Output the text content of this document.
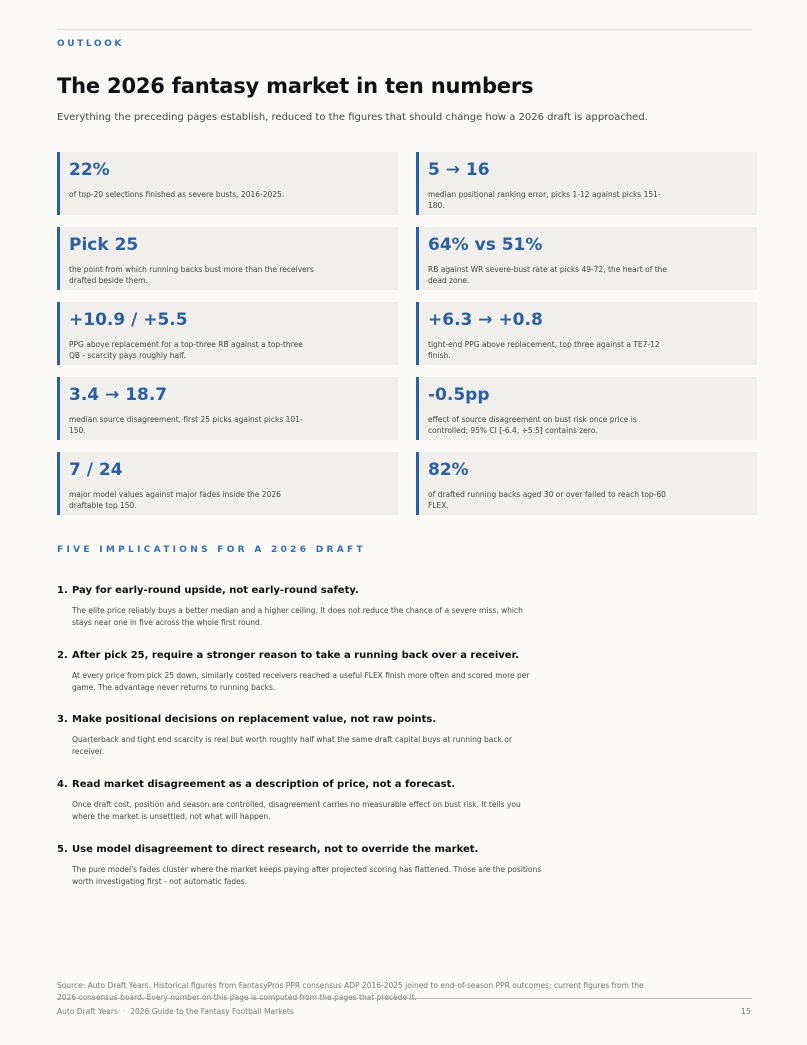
OUTLOOK
The 2026 fantasy market in ten numbers
Everything the preceding pages establish, reduced to the figures that should change how a 2026 draft is approached.
22%
of top-20 selections finished as severe busts, 2016-2025.
5 → 16
median positional ranking error, picks 1-12 against picks 151-180.
Pick 25
the point from which running backs bust more than the receivers drafted beside them.
64% vs 51%
RB against WR severe-bust rate at picks 49-72, the heart of the dead zone.
+10.9 / +5.5
PPG above replacement for a top-three RB against a top-three QB - scarcity pays roughly half.
+6.3 → +0.8
tight-end PPG above replacement, top three against a TE7-12 finish.
3.4 → 18.7
median source disagreement, first 25 picks against picks 101-150.
-0.5pp
effect of source disagreement on bust risk once price is controlled; 95% CI [-6.4, +5.5] contains zero.
7 / 24
major model values against major fades inside the 2026 draftable top 150.
82%
of drafted running backs aged 30 or over failed to reach top-60 FLEX.
FIVE IMPLICATIONS FOR A 2026 DRAFT
1. Pay for early-round upside, not early-round safety.
The elite price reliably buys a better median and a higher ceiling. It does not reduce the chance of a severe miss, which stays near one in five across the whole first round.
2. After pick 25, require a stronger reason to take a running back over a receiver.
At every price from pick 25 down, similarly costed receivers reached a useful FLEX finish more often and scored more per game. The advantage never returns to running backs.
3. Make positional decisions on replacement value, not raw points.
Quarterback and tight end scarcity is real but worth roughly half what the same draft capital buys at running back or receiver.
4. Read market disagreement as a description of price, not a forecast.
Once draft cost, position and season are controlled, disagreement carries no measurable effect on bust risk. It tells you where the market is unsettled, not what will happen.
5. Use model disagreement to direct research, not to override the market.
The pure model's fades cluster where the market keeps paying after projected scoring has flattened. Those are the positions worth investigating first - not automatic fades.
Source: Auto Draft Years. Historical figures from FantasyPros PPR consensus ADP 2016-2025 joined to end-of-season PPR outcomes; current figures from the
Auto Draft Years · 2026 Guide to the Fantasy Football Markets	15
